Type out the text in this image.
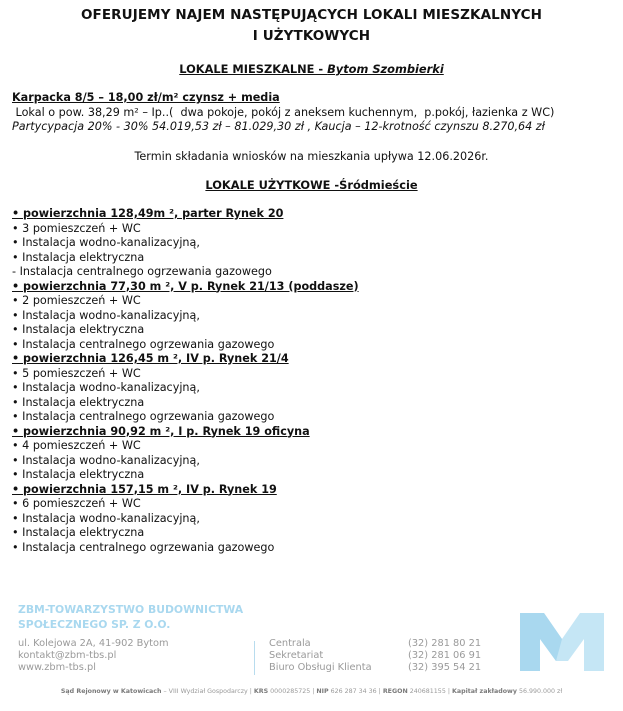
OFERUJEMY NAJEM NASTĘPUJĄCYCH LOKALI MIESZKALNYCH
I UŻYTKOWYCH
LOKALE MIESZKALNE - Bytom Szombierki
Karpacka 8/5 – 18,00 zł/m² czynsz + media
Lokal o pow. 38,29 m² – Ip..(  dwa pokoje, pokój z aneksem kuchennym,  p.pokój, łazienka z WC)
Partycypacja 20% - 30% 54.019,53 zł – 81.029,30 zł , Kaucja – 12-krotność czynszu 8.270,64 zł
Termin składania wniosków na mieszkania upływa 12.06.2026r.
LOKALE UŻYTKOWE -Śródmieście
• powierzchnia 128,49m ², parter Rynek 20
• 3 pomieszczeń + WC
• Instalacja wodno-kanalizacyjną,
• Instalacja elektryczna
- Instalacja centralnego ogrzewania gazowego
• powierzchnia 77,30 m ², V p. Rynek 21/13 (poddasze)
• 2 pomieszczeń + WC
• Instalacja wodno-kanalizacyjną,
• Instalacja elektryczna
• Instalacja centralnego ogrzewania gazowego
• powierzchnia 126,45 m ², IV p. Rynek 21/4
• 5 pomieszczeń + WC
• Instalacja wodno-kanalizacyjną,
• Instalacja elektryczna
• Instalacja centralnego ogrzewania gazowego
• powierzchnia 90,92 m ², I p. Rynek 19 oficyna
• 4 pomieszczeń + WC
• Instalacja wodno-kanalizacyjną,
• Instalacja elektryczna
• powierzchnia 157,15 m ², IV p. Rynek 19
• 6 pomieszczeń + WC
• Instalacja wodno-kanalizacyjną,
• Instalacja elektryczna
• Instalacja centralnego ogrzewania gazowego
ZBM-TOWARZYSTWO BUDOWNICTWA
SPOŁECZNEGO SP. Z O.O.
ul. Kolejowa 2A, 41-902 Bytom
kontakt@zbm-tbs.pl
www.zbm-tbs.pl
Centrala
Sekretariat
Biuro Obsługi Klienta
(32) 281 80 21
(32) 281 06 91
(32) 395 54 21
Sąd Rejonowy w Katowicach – VIII Wydział Gospodarczy | KRS 0000285725 | NIP 626 287 34 36 | REGON 240681155 | Kapitał zakładowy 56.990.000 zł
